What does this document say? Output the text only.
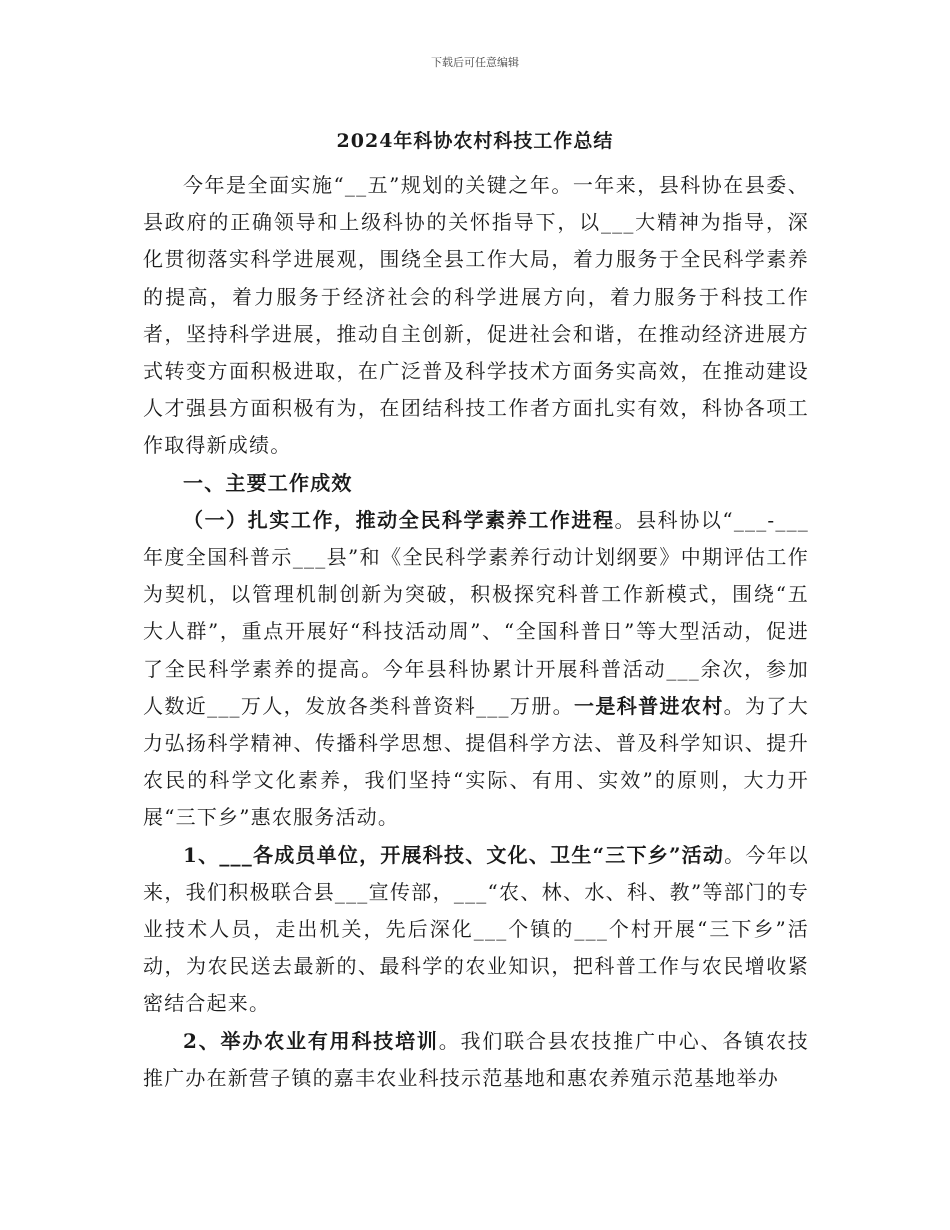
下载后可任意编辑
2024年科协农村科技工作总结

今年是全面实施“__五”规划的关键之年。一年来，县科协在县委、县政府的正确领导和上级科协的关怀指导下，以___大精神为指导，深化贯彻落实科学进展观，围绕全县工作大局，着力服务于全民科学素养的提高，着力服务于经济社会的科学进展方向，着力服务于科技工作者，坚持科学进展，推动自主创新，促进社会和谐，在推动经济进展方式转变方面积极进取，在广泛普及科学技术方面务实高效，在推动建设人才强县方面积极有为，在团结科技工作者方面扎实有效，科协各项工作取得新成绩。

一、主要工作成效

（一）扎实工作，推动全民科学素养工作进程。县科协以“___-___年度全国科普示___县”和《全民科学素养行动计划纲要》中期评估工作为契机，以管理机制创新为突破，积极探究科普工作新模式，围绕“五大人群”，重点开展好“科技活动周”、“全国科普日”等大型活动，促进了全民科学素养的提高。今年县科协累计开展科普活动___余次，参加人数近___万人，发放各类科普资料___万册。一是科普进农村。为了大力弘扬科学精神、传播科学思想、提倡科学方法、普及科学知识、提升农民的科学文化素养，我们坚持“实际、有用、实效”的原则，大力开展“三下乡”惠农服务活动。

1、___各成员单位，开展科技、文化、卫生“三下乡”活动。今年以来，我们积极联合县___宣传部，___“农、林、水、科、教”等部门的专业技术人员，走出机关，先后深化___个镇的___个村开展“三下乡”活动，为农民送去最新的、最科学的农业知识，把科普工作与农民增收紧密结合起来。

2、举办农业有用科技培训。我们联合县农技推广中心、各镇农技推广办在新营子镇的嘉丰农业科技示范基地和惠农养殖示范基地举办
